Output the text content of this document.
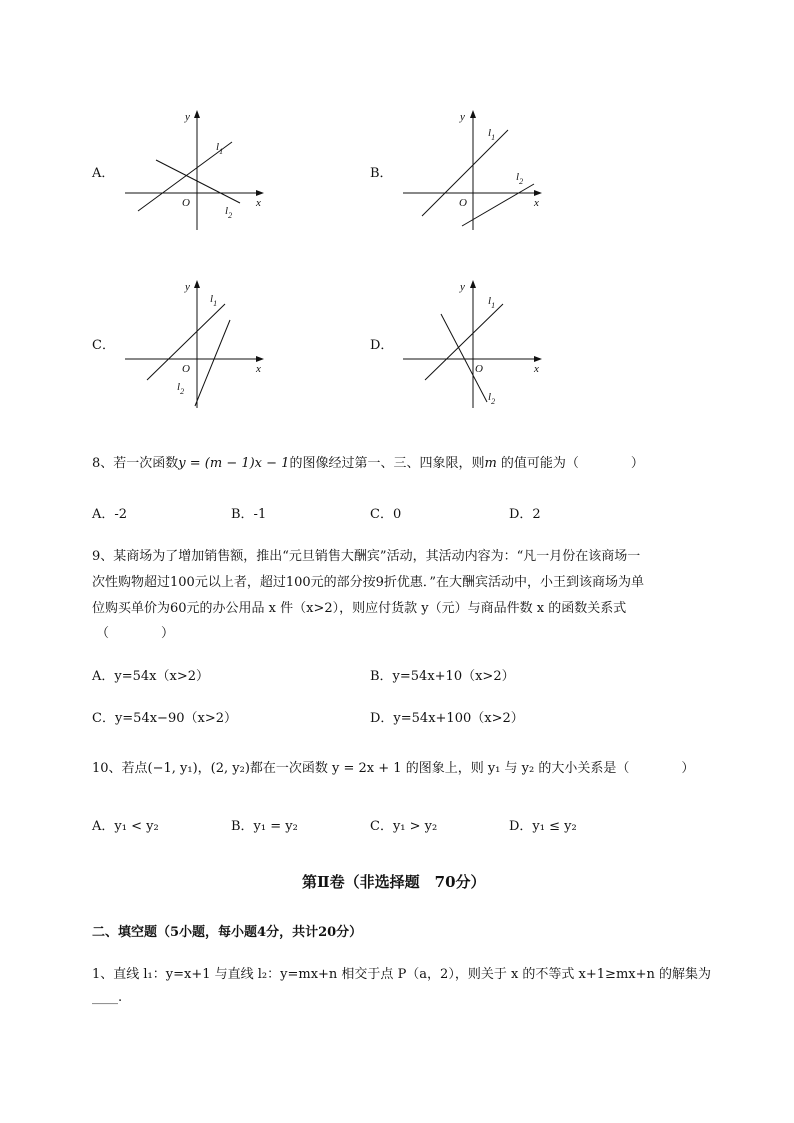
A．
y
x
O
$l_1$
$l_2$
B．
y
x
O
$l_1$
$l_2$
C．
y
x
O
$l_1$
$l_2$
D．
y
x
O
$l_1$
$l_2$
8、若一次函数y = (m − 1)x − 1的图像经过第一、三、四象限，则m 的值可能为（　　　　）
A．-2	B．-1	C．0	D．2
9、某商场为了增加销售额，推出“元旦销售大酬宾”活动，其活动内容为：“凡一月份在该商场一
次性购物超过100元以上者，超过100元的部分按9折优惠．”在大酬宾活动中，小王到该商场为单
位购买单价为60元的办公用品 x 件（x>2），则应付货款 y（元）与商品件数 x 的函数关系式
（　　　　）
A．y=54x（x>2）	B．y=54x+10（x>2）
C．y=54x−90（x>2）	D．y=54x+100（x>2）
10、若点(−1, y₁)，(2, y₂)都在一次函数 y = 2x + 1 的图象上，则 y₁ 与 y₂ 的大小关系是（　　　　）
A．y₁ < y₂	B．y₁ = y₂	C．y₁ > y₂	D．y₁ ≤ y₂
第Ⅱ卷（非选择题　70分）
二、填空题（5小题，每小题4分，共计20分）
1、直线 l₁：y=x+1 与直线 l₂：y=mx+n 相交于点 P（a，2），则关于 x 的不等式 x+1≥mx+n 的解集为
____.
